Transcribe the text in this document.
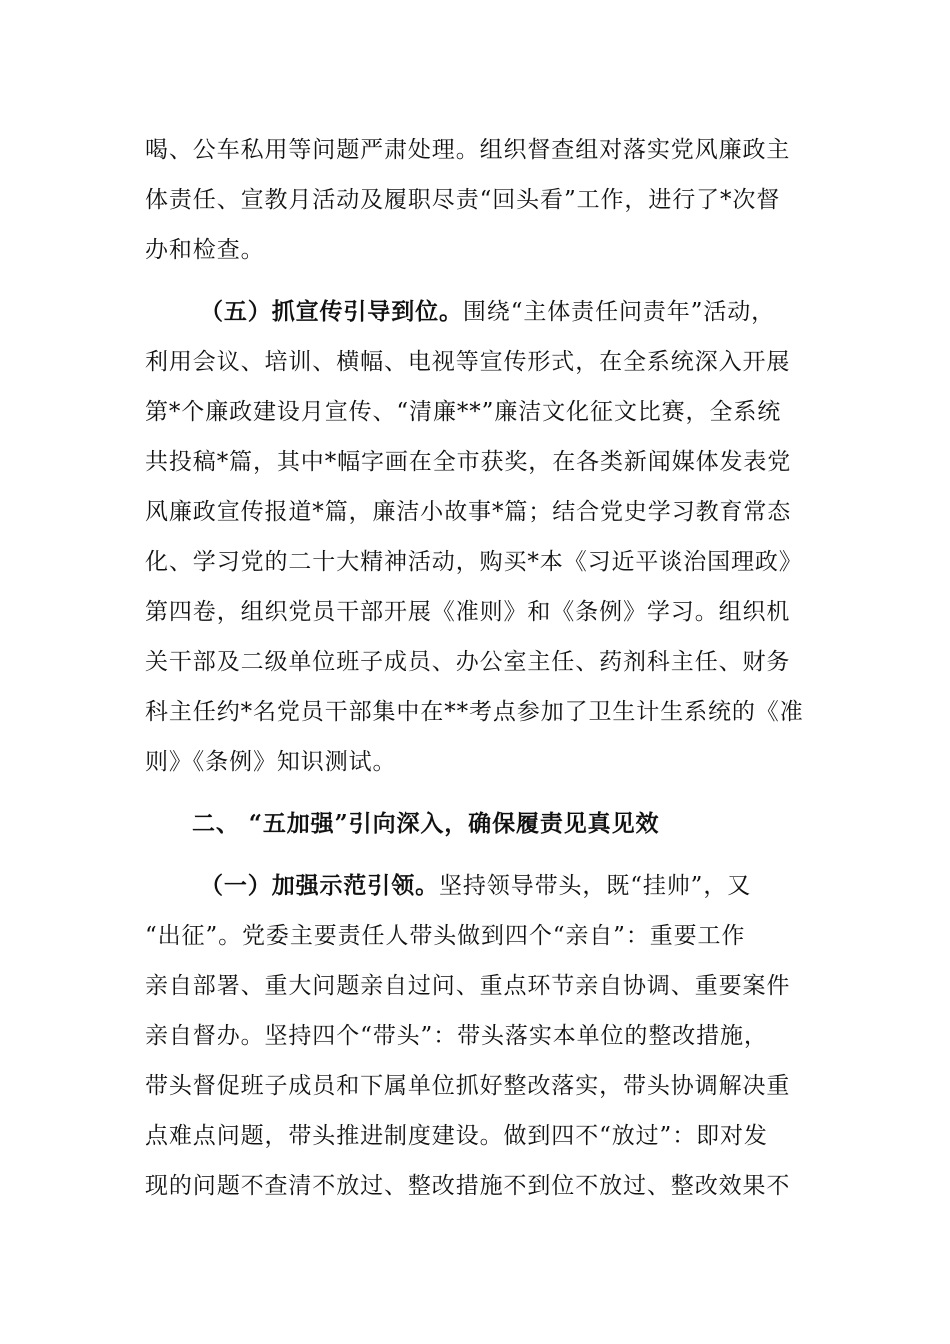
喝、公车私用等问题严肃处理。组织督查组对落实党风廉政主
体责任、宣教月活动及履职尽责“回头看”工作，进行了*次督
办和检查。
（五）抓宣传引导到位。围绕“主体责任问责年”活动，
利用会议、培训、横幅、电视等宣传形式，在全系统深入开展
第*个廉政建设月宣传、“清廉**”廉洁文化征文比赛，全系统
共投稿*篇，其中*幅字画在全市获奖，在各类新闻媒体发表党
风廉政宣传报道*篇，廉洁小故事*篇；结合党史学习教育常态
化、学习党的二十大精神活动，购买*本《习近平谈治国理政》
第四卷，组织党员干部开展《准则》和《条例》学习。组织机
关干部及二级单位班子成员、办公室主任、药剂科主任、财务
科主任约*名党员干部集中在**考点参加了卫生计生系统的《准
则》《条例》知识测试。
二、 “五加强”引向深入，确保履责见真见效
（一）加强示范引领。坚持领导带头，既“挂帅”，又
“出征”。党委主要责任人带头做到四个“亲自”：重要工作
亲自部署、重大问题亲自过问、重点环节亲自协调、重要案件
亲自督办。坚持四个“带头”：带头落实本单位的整改措施，
带头督促班子成员和下属单位抓好整改落实，带头协调解决重
点难点问题，带头推进制度建设。做到四不“放过”：即对发
现的问题不查清不放过、整改措施不到位不放过、整改效果不
